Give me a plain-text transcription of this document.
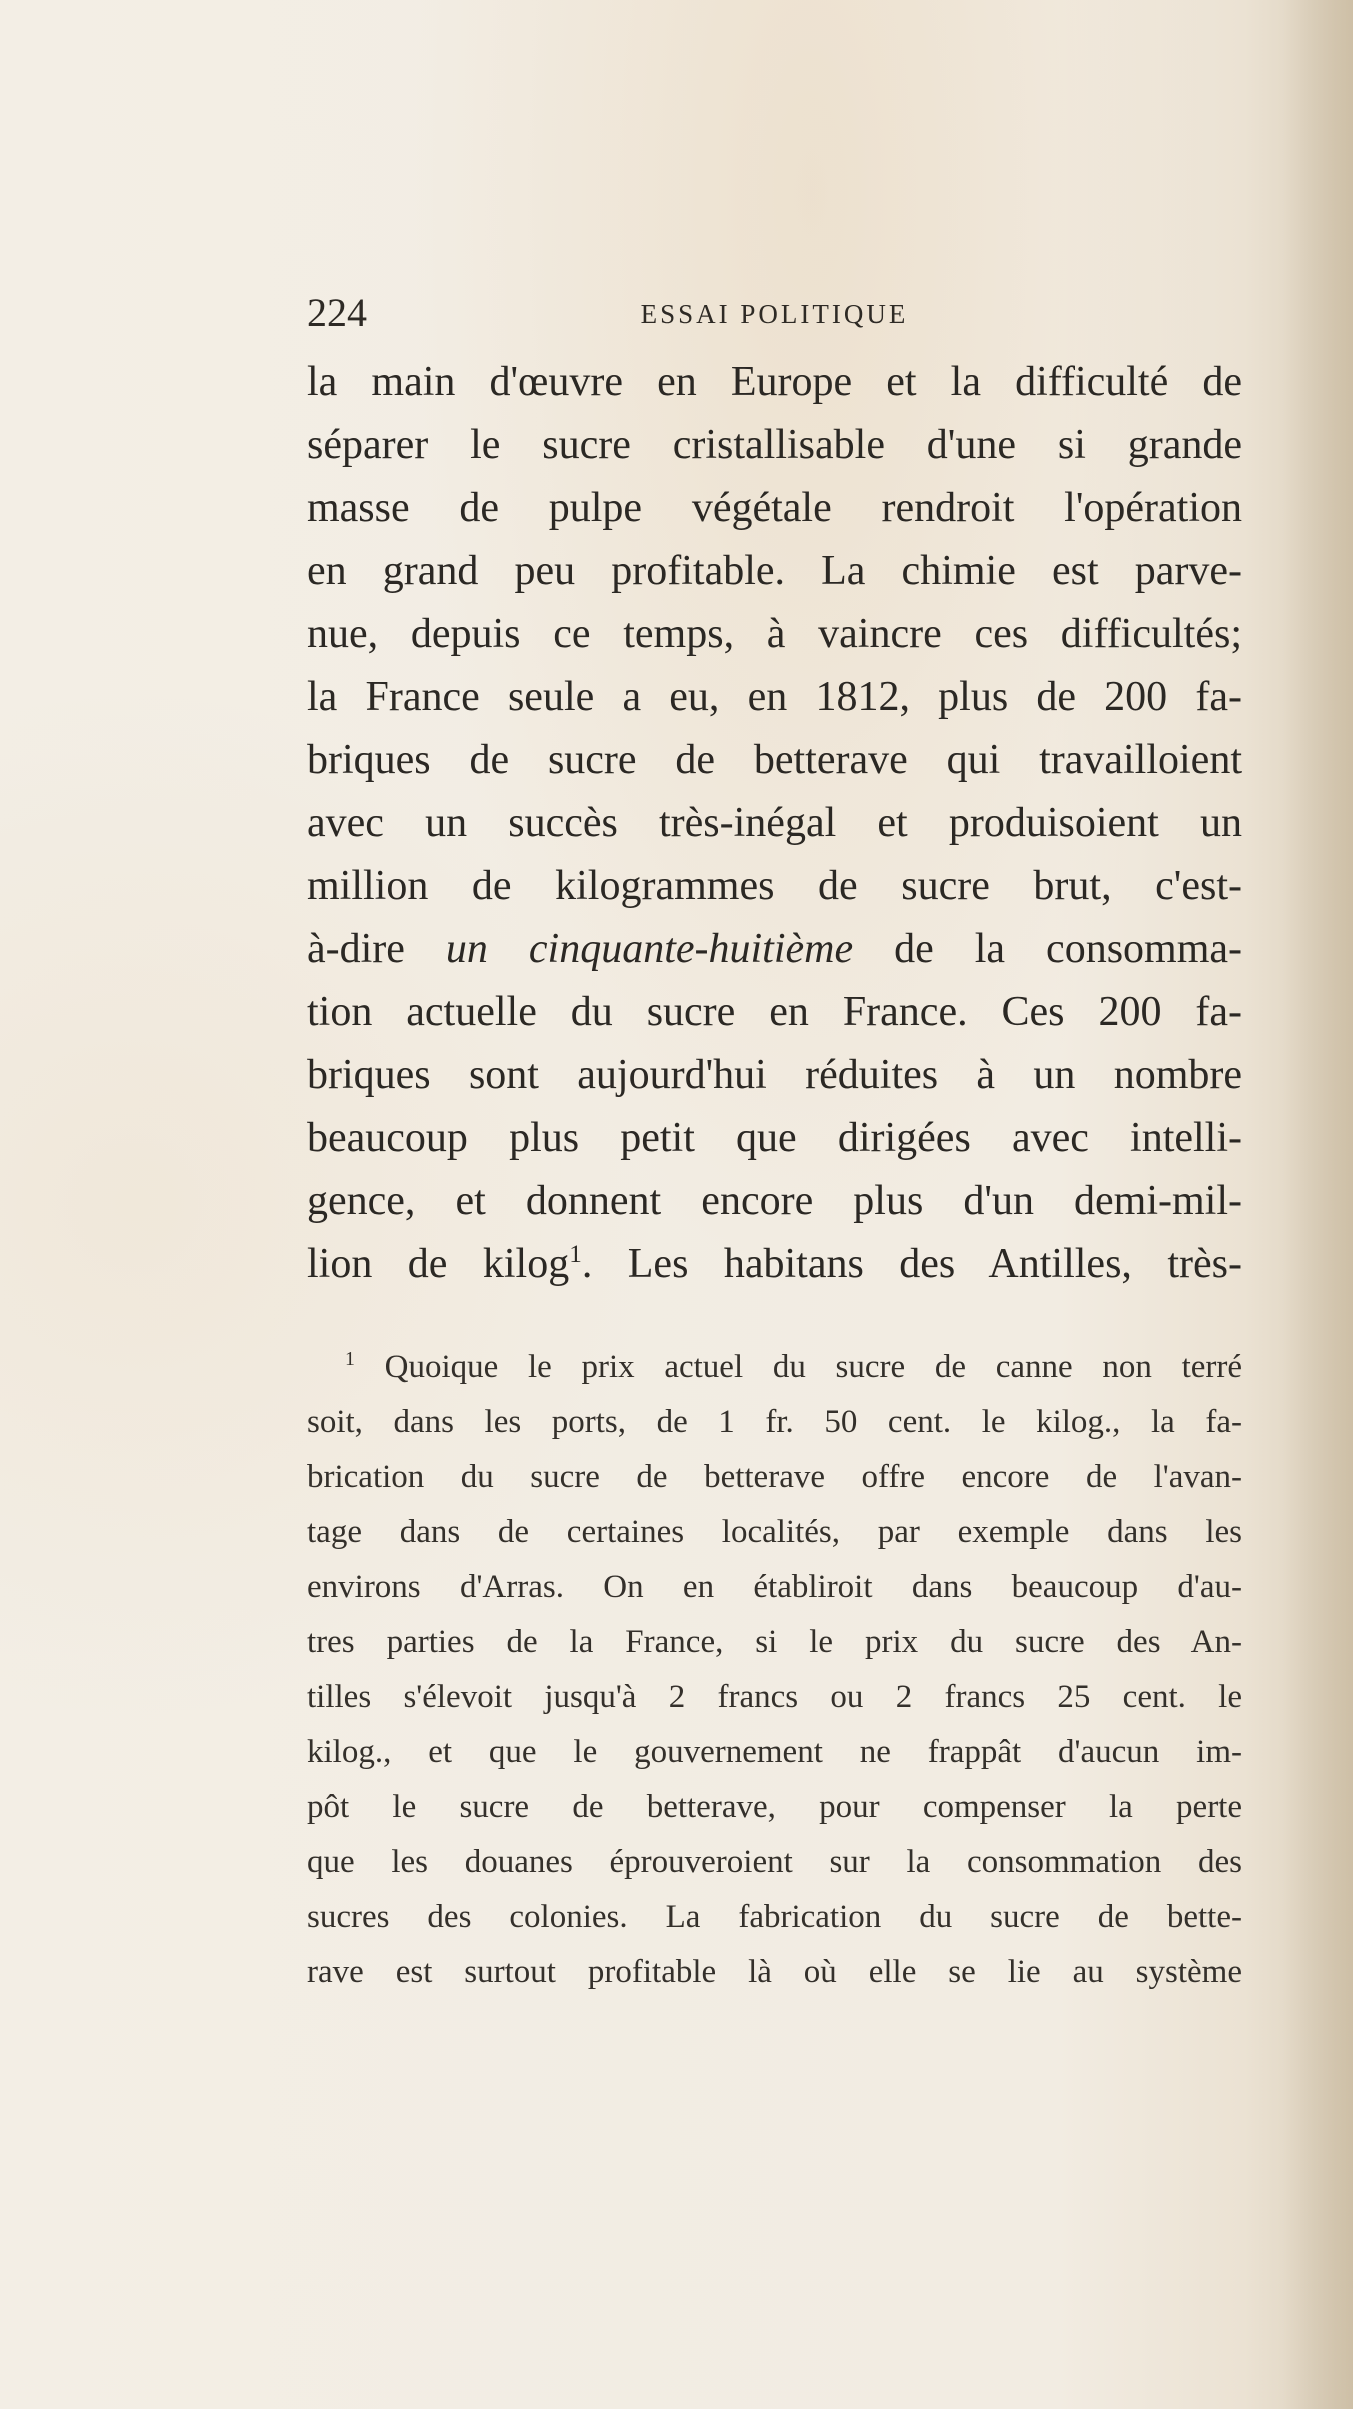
224	ESSAI POLITIQUE
la main d'œuvre en Europe et la difficulté de
séparer le sucre cristallisable d'une si grande
masse de pulpe végétale rendroit l'opération
en grand peu profitable. La chimie est parve-
nue, depuis ce temps, à vaincre ces difficultés;
la France seule a eu, en 1812, plus de 200 fa-
briques de sucre de betterave qui travailloient
avec un succès très-inégal et produisoient un
million de kilogrammes de sucre brut, c'est-
à-dire un cinquante-huitième de la consomma-
tion actuelle du sucre en France. Ces 200 fa-
briques sont aujourd'hui réduites à un nombre
beaucoup plus petit que dirigées avec intelli-
gence, et donnent encore plus d'un demi-mil-
lion de kilog$^1$. Les habitans des Antilles, très-
$^1$ Quoique le prix actuel du sucre de canne non terré
soit, dans les ports, de 1 fr. 50 cent. le kilog., la fa-
brication du sucre de betterave offre encore de l'avan-
tage dans de certaines localités, par exemple dans les
environs d'Arras. On en établiroit dans beaucoup d'au-
tres parties de la France, si le prix du sucre des An-
tilles s'élevoit jusqu'à 2 francs ou 2 francs 25 cent. le
kilog., et que le gouvernement ne frappât d'aucun im-
pôt le sucre de betterave, pour compenser la perte
que les douanes éprouveroient sur la consommation des
sucres des colonies. La fabrication du sucre de bette-
rave est surtout profitable là où elle se lie au système
